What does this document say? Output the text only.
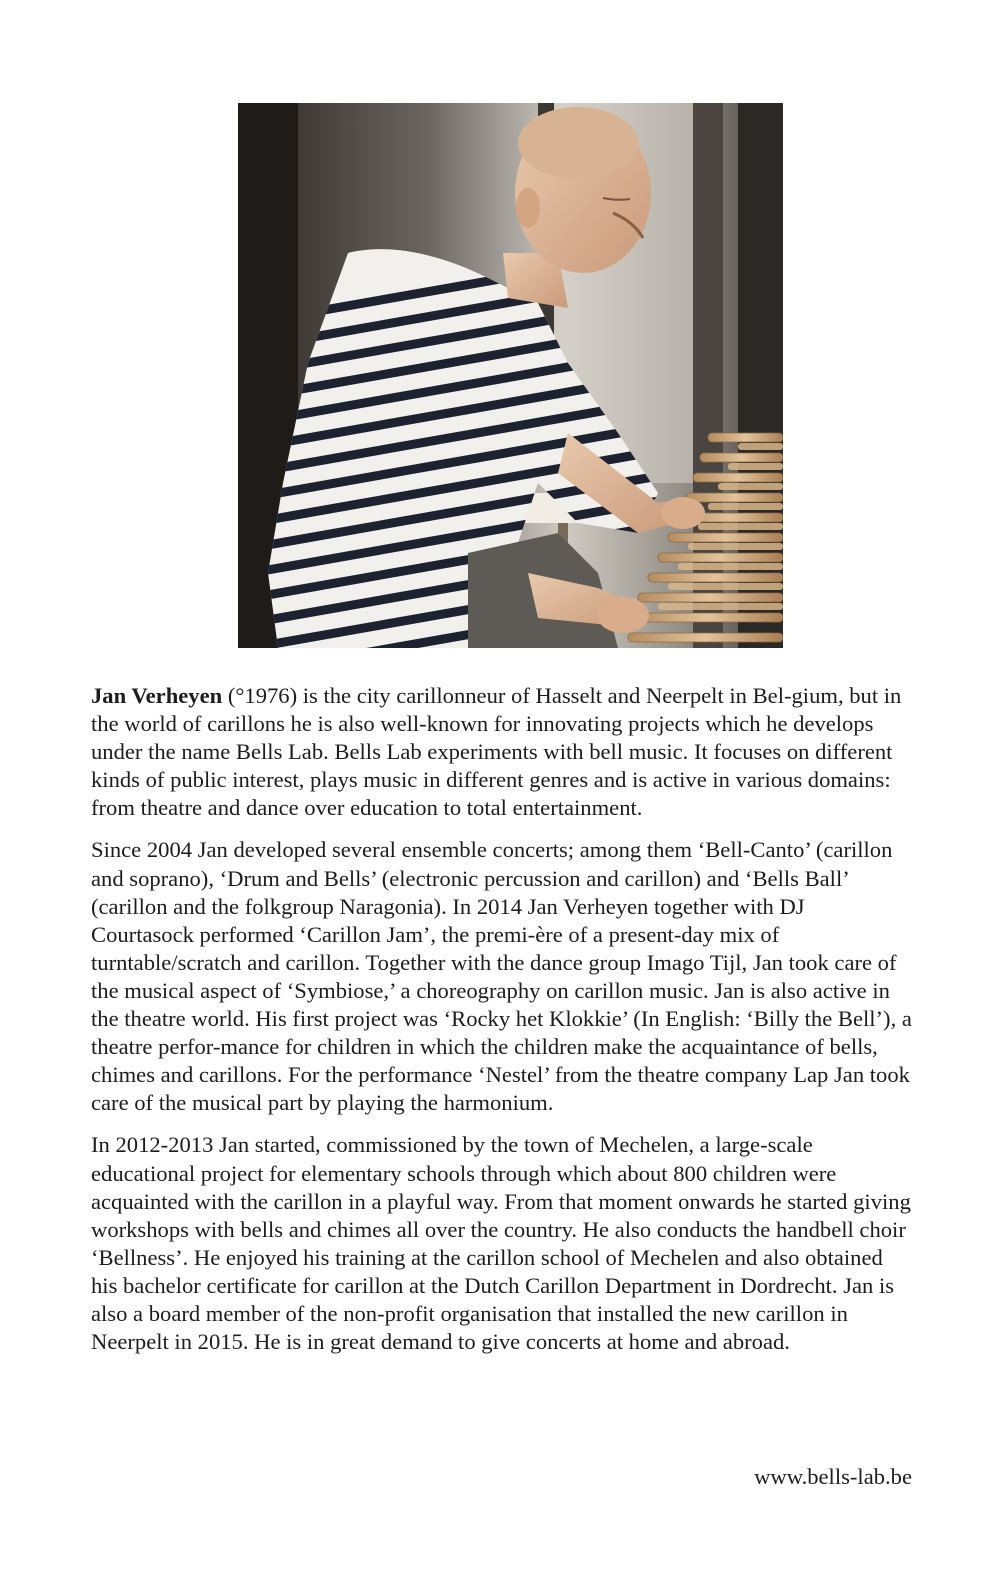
Jan Verheyen (°1976) is the city carillonneur of Hasselt and Neerpelt in Bel-gium, but in the world of carillons he is also well-known for innovating projects which he develops under the name Bells Lab. Bells Lab experiments with bell music. It focuses on different kinds of public interest, plays music in different genres and is active in various domains: from theatre and dance over education to total entertainment.

Since 2004 Jan developed several ensemble concerts; among them ‘Bell-Canto’ (carillon and soprano), ‘Drum and Bells’ (electronic percussion and carillon) and ‘Bells Ball’ (carillon and the folkgroup Naragonia). In 2014 Jan Verheyen together with DJ Courtasock performed ‘Carillon Jam’, the premi-ère of a present-day mix of turntable/scratch and carillon. Together with the dance group Imago Tijl, Jan took care of the musical aspect of ‘Symbiose,’ a choreography on carillon music. Jan is also active in the theatre world. His first project was ‘Rocky het Klokkie’ (In English: ‘Billy the Bell’), a theatre perfor-mance for children in which the children make the acquaintance of bells, chimes and carillons. For the performance ‘Nestel’ from the theatre company Lap Jan took care of the musical part by playing the harmonium.

In 2012-2013 Jan started, commissioned by the town of Mechelen, a large-scale educational project for elementary schools through which about 800 children were acquainted with the carillon in a playful way. From that moment onwards he started giving workshops with bells and chimes all over the country. He also conducts the handbell choir ‘Bellness’. He enjoyed his training at the carillon school of Mechelen and also obtained his bachelor certificate for carillon at the Dutch Carillon Department in Dordrecht. Jan is also a board member of the non-profit organisation that installed the new carillon in Neerpelt in 2015. He is in great demand to give concerts at home and abroad.

www.bells-lab.be
